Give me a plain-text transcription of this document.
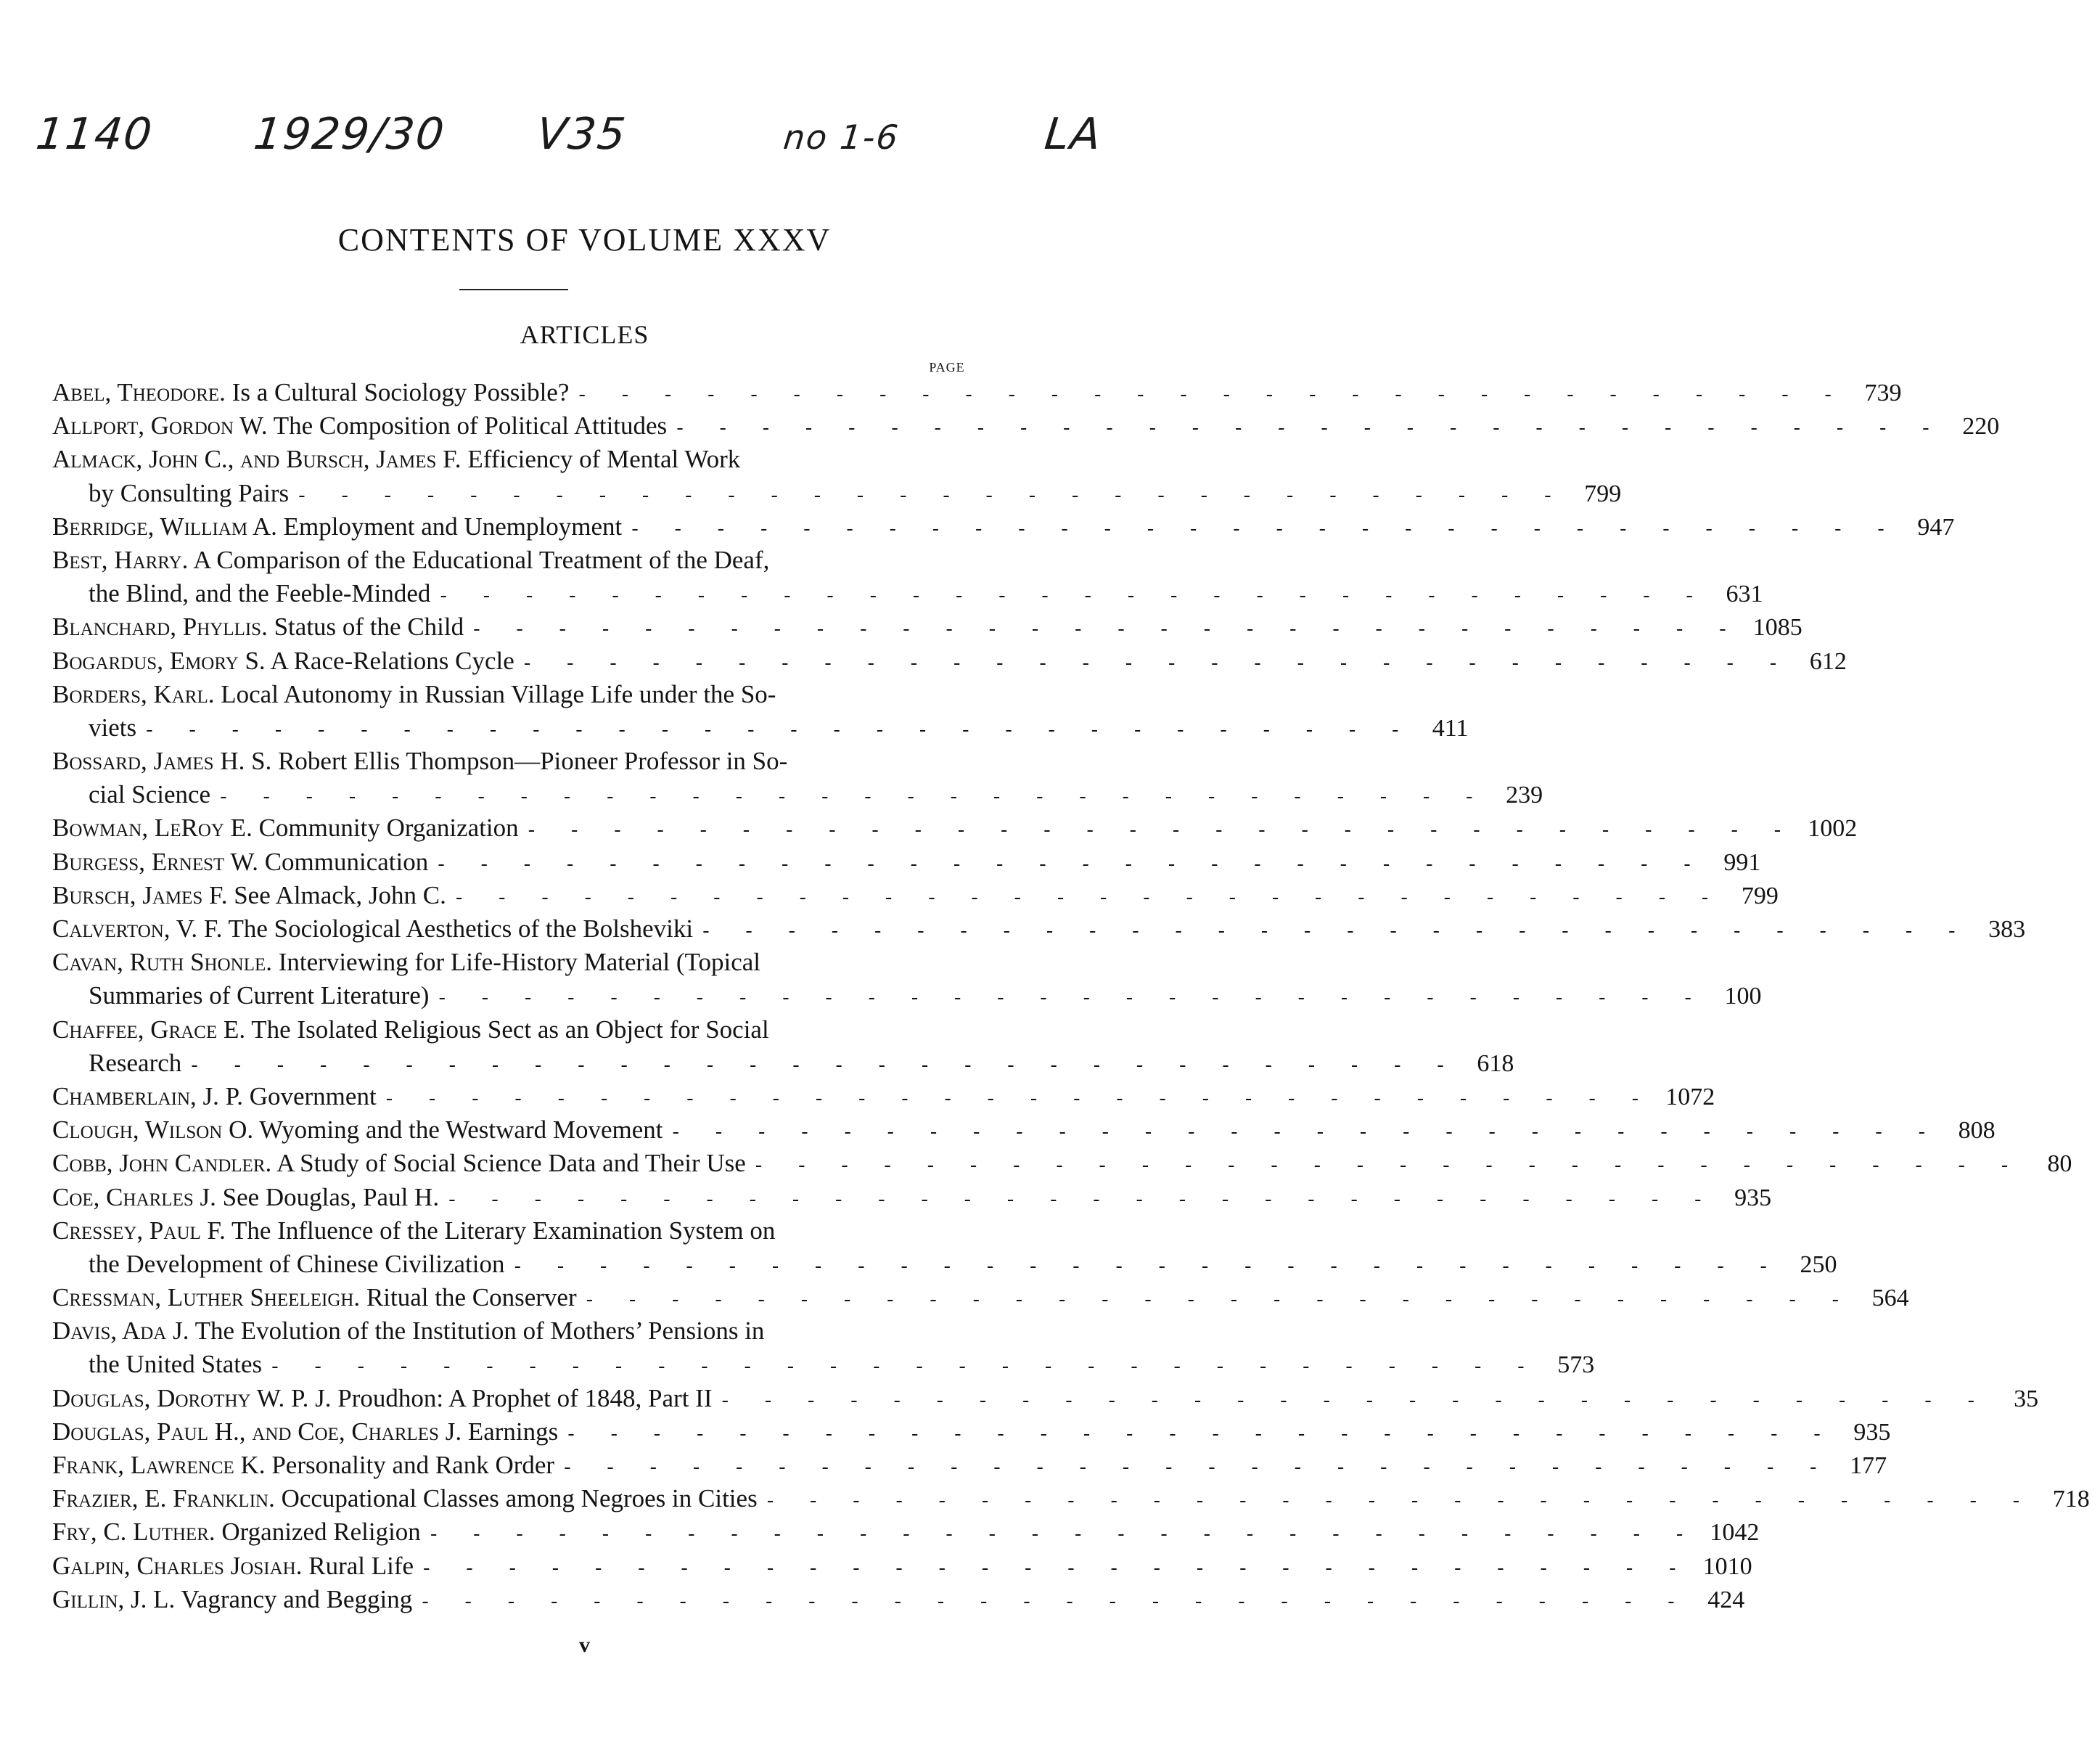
1140 1929/30 V35	no 1-6	LA
CONTENTS OF VOLUME XXXV
ARTICLES
PAGE
Abel, Theodore. Is a Cultural Sociology Possible? - - - - - - - - - - - - - - - - - - - - - - - - - - - - - - 739
Allport, Gordon W. The Composition of Political Attitudes - - - - - - - - - - - - - - - - - - - - - - - - - - - - - - 220
Almack, John C., and Bursch, James F. Efficiency of Mental Work
by Consulting Pairs - - - - - - - - - - - - - - - - - - - - - - - - - - - - - - 799
Berridge, William A. Employment and Unemployment - - - - - - - - - - - - - - - - - - - - - - - - - - - - - - 947
Best, Harry. A Comparison of the Educational Treatment of the Deaf,
the Blind, and the Feeble-Minded - - - - - - - - - - - - - - - - - - - - - - - - - - - - - - 631
Blanchard, Phyllis. Status of the Child - - - - - - - - - - - - - - - - - - - - - - - - - - - - - - 1085
Bogardus, Emory S. A Race-Relations Cycle - - - - - - - - - - - - - - - - - - - - - - - - - - - - - - 612
Borders, Karl. Local Autonomy in Russian Village Life under the So-
viets - - - - - - - - - - - - - - - - - - - - - - - - - - - - - - 411
Bossard, James H. S. Robert Ellis Thompson—Pioneer Professor in So-
cial Science - - - - - - - - - - - - - - - - - - - - - - - - - - - - - - 239
Bowman, LeRoy E. Community Organization - - - - - - - - - - - - - - - - - - - - - - - - - - - - - - 1002
Burgess, Ernest W. Communication - - - - - - - - - - - - - - - - - - - - - - - - - - - - - - 991
Bursch, James F. See Almack, John C. - - - - - - - - - - - - - - - - - - - - - - - - - - - - - - 799
Calverton, V. F. The Sociological Aesthetics of the Bolsheviki - - - - - - - - - - - - - - - - - - - - - - - - - - - - - - 383
Cavan, Ruth Shonle. Interviewing for Life-History Material (Topical
Summaries of Current Literature) - - - - - - - - - - - - - - - - - - - - - - - - - - - - - - 100
Chaffee, Grace E. The Isolated Religious Sect as an Object for Social
Research - - - - - - - - - - - - - - - - - - - - - - - - - - - - - - 618
Chamberlain, J. P. Government - - - - - - - - - - - - - - - - - - - - - - - - - - - - - - 1072
Clough, Wilson O. Wyoming and the Westward Movement - - - - - - - - - - - - - - - - - - - - - - - - - - - - - - 808
Cobb, John Candler. A Study of Social Science Data and Their Use - - - - - - - - - - - - - - - - - - - - - - - - - - - - - -	80
Coe, Charles J. See Douglas, Paul H. - - - - - - - - - - - - - - - - - - - - - - - - - - - - - - 935
Cressey, Paul F. The Influence of the Literary Examination System on
the Development of Chinese Civilization - - - - - - - - - - - - - - - - - - - - - - - - - - - - - - 250
Cressman, Luther Sheeleigh. Ritual the Conserver - - - - - - - - - - - - - - - - - - - - - - - - - - - - - - 564
Davis, Ada J. The Evolution of the Institution of Mothers’ Pensions in
the United States - - - - - - - - - - - - - - - - - - - - - - - - - - - - - - 573
Douglas, Dorothy W. P. J. Proudhon: A Prophet of 1848, Part II - - - - - - - - - - - - - - - - - - - - - - - - - - - - - -	35
Douglas, Paul H., and Coe, Charles J. Earnings - - - - - - - - - - - - - - - - - - - - - - - - - - - - - - 935
Frank, Lawrence K. Personality and Rank Order - - - - - - - - - - - - - - - - - - - - - - - - - - - - - - 177
Frazier, E. Franklin. Occupational Classes among Negroes in Cities - - - - - - - - - - - - - - - - - - - - - - - - - - - - - - 718
Fry, C. Luther. Organized Religion - - - - - - - - - - - - - - - - - - - - - - - - - - - - - - 1042
Galpin, Charles Josiah. Rural Life - - - - - - - - - - - - - - - - - - - - - - - - - - - - - - 1010
Gillin, J. L. Vagrancy and Begging - - - - - - - - - - - - - - - - - - - - - - - - - - - - - - 424
v
